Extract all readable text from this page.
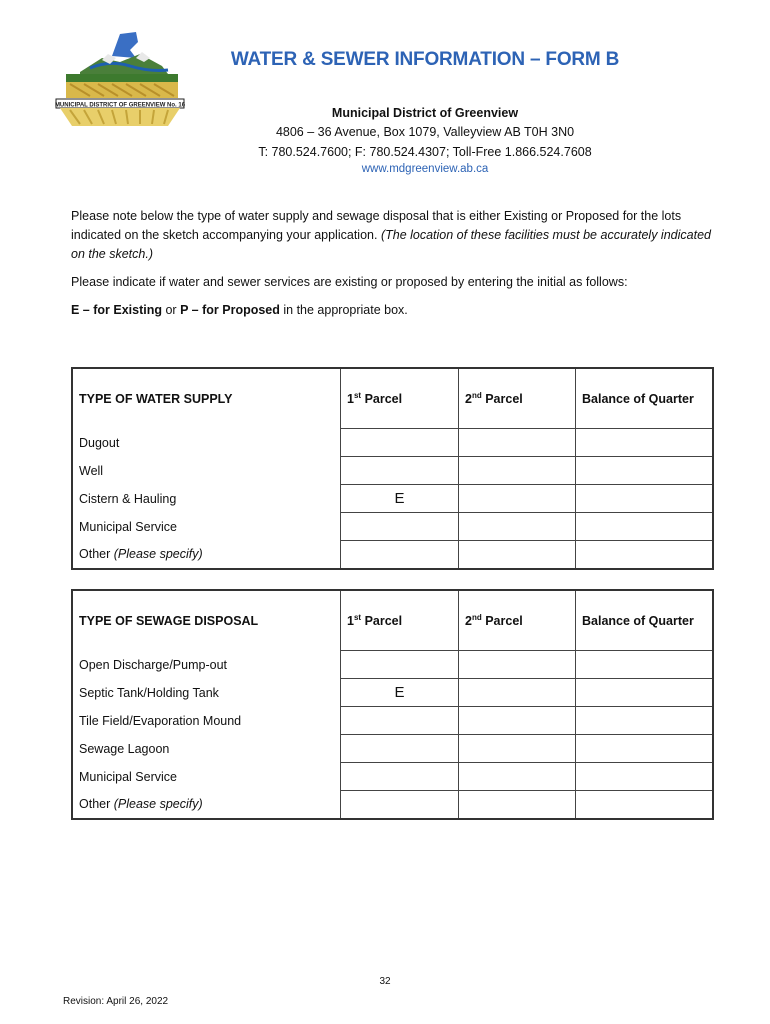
MUNICIPAL DISTRICT OF GREENVIEW No. 16
WATER & SEWER INFORMATION – FORM B
Municipal District of Greenview
4806 – 36 Avenue, Box 1079, Valleyview AB T0H 3N0
T: 780.524.7600; F: 780.524.4307; Toll-Free 1.866.524.7608
www.mdgreenview.ab.ca
Please note below the type of water supply and sewage disposal that is either Existing or Proposed for the lots indicated on the sketch accompanying your application. (The location of these facilities must be accurately indicated on the sketch.)
Please indicate if water and sewer services are existing or proposed by entering the initial as follows:
E – for Existing or P – for Proposed in the appropriate box.
TYPE OF WATER SUPPLY	1st Parcel	2nd Parcel	Balance of Quarter
Dugout			
Well			
Cistern & Hauling	E		
Municipal Service			
Other (Please specify)			
TYPE OF SEWAGE DISPOSAL	1st Parcel	2nd Parcel	Balance of Quarter
Open Discharge/Pump-out			
Septic Tank/Holding Tank	E		
Tile Field/Evaporation Mound			
Sewage Lagoon			
Municipal Service			
Other (Please specify)			
32
Revision: April 26, 2022
